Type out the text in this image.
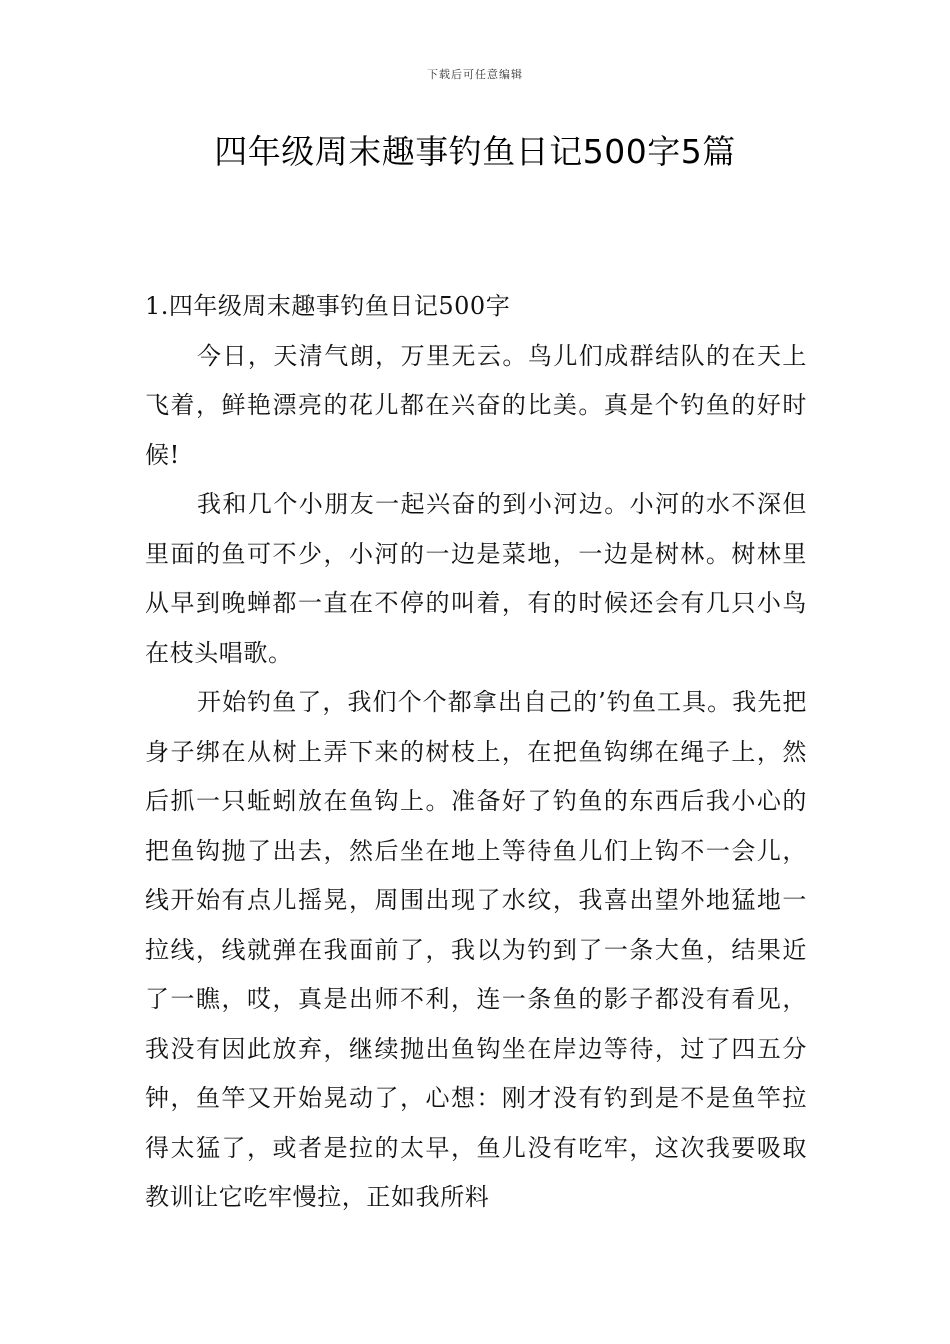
下载后可任意编辑
四年级周末趣事钓鱼日记500字5篇

1.四年级周末趣事钓鱼日记500字

今日，天清气朗，万里无云。鸟儿们成群结队的在天上飞着，鲜艳漂亮的花儿都在兴奋的比美。真是个钓鱼的好时候!

我和几个小朋友一起兴奋的到小河边。小河的水不深但里面的鱼可不少，小河的一边是菜地，一边是树林。树林里从早到晚蝉都一直在不停的叫着，有的时候还会有几只小鸟在枝头唱歌。

开始钓鱼了，我们个个都拿出自己的’钓鱼工具。我先把身子绑在从树上弄下来的树枝上，在把鱼钩绑在绳子上，然后抓一只蚯蚓放在鱼钩上。准备好了钓鱼的东西后我小心的把鱼钩抛了出去，然后坐在地上等待鱼儿们上钩不一会儿，线开始有点儿摇晃，周围出现了水纹，我喜出望外地猛地一拉线，线就弹在我面前了，我以为钓到了一条大鱼，结果近了一瞧，哎，真是出师不利，连一条鱼的影子都没有看见，我没有因此放弃，继续抛出鱼钩坐在岸边等待，过了四五分钟，鱼竿又开始晃动了，心想：刚才没有钓到是不是鱼竿拉得太猛了，或者是拉的太早，鱼儿没有吃牢，这次我要吸取教训让它吃牢慢拉，正如我所料
